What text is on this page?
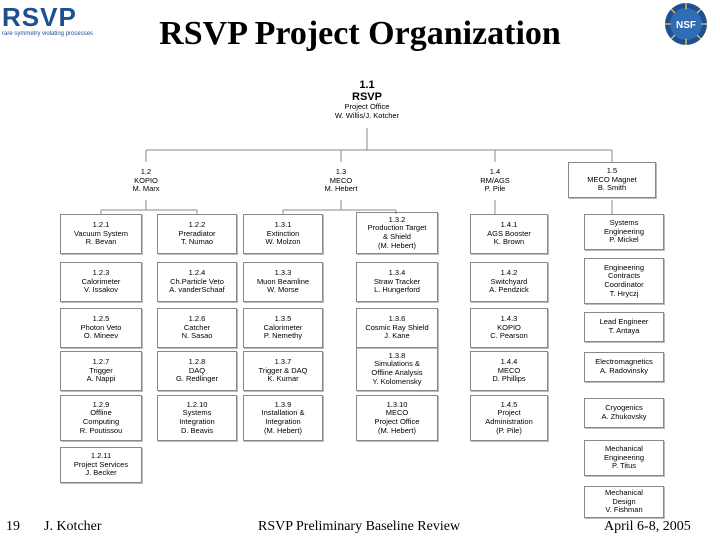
RSVP
rare symmetry violating processes	RSVP Project Organization	NSF
1.1
RSVP
Project Office
W. Willis/J. Kotcher
1.2
KOPIO
M. Marx
1.3
MECO
M. Hebert
1.4
RM/AGS
P. Pile
1.5
MECO Magnet
B. Smith
1.2.1
Vacuum System
R. Bevan
1.2.3
Calorimeter
V. Issakov
1.2.5
Photon Veto
O. Mineev
1.2.7
Trigger
A. Nappi
1.2.9
Offline
Computing
R. Poutissou
1.2.11
Project Services
J. Becker
1.2.2
Preradiator
T. Numao
1.2.4
Ch.Particle Veto
A. vanderSchaaf
1.2.6
Catcher
N. Sasao
1.2.8
DAQ
G. Redlinger
1.2.10
Systems
Integration
D. Beavis
1.3.1
Extinction
W. Molzon
1.3.3
Muon Beamline
W. Morse
1.3.5
Calorimeter
P. Nemethy
1.3.7
Trigger & DAQ
K. Kumar
1.3.9
Installation &
Integration
(M. Hebert)
1.3.2
Production Target
& Shield
(M. Hebert)
1.3.4
Straw Tracker
L. Hungerford
1.3.6
Cosmic Ray Shield
J. Kane
1.3.8
Simulations &
Offline Analysis
Y. Kolomensky
1.3.10
MECO
Project Office
(M. Hebert)
1.4.1
AGS Booster
K. Brown
1.4.2
Switchyard
A. Pendzick
1.4.3
KOPIO
C. Pearson
1.4.4
MECO
D. Phillips
1.4.5
Project
Administration
(P. Pile)
Systems
Engineering
P. Mickel
Engineering
Contracts
Coordinator
T. Hryczj
Lead Engineer
T. Antaya
Electromagnetics
A. Radovinsky
Cryogenics
A. Zhukovsky
Mechanical
Engineering
P. Titus
Mechanical
Design
V. Fishman
19 J. Kotcher	RSVP Preliminary Baseline Review	April 6-8, 2005
